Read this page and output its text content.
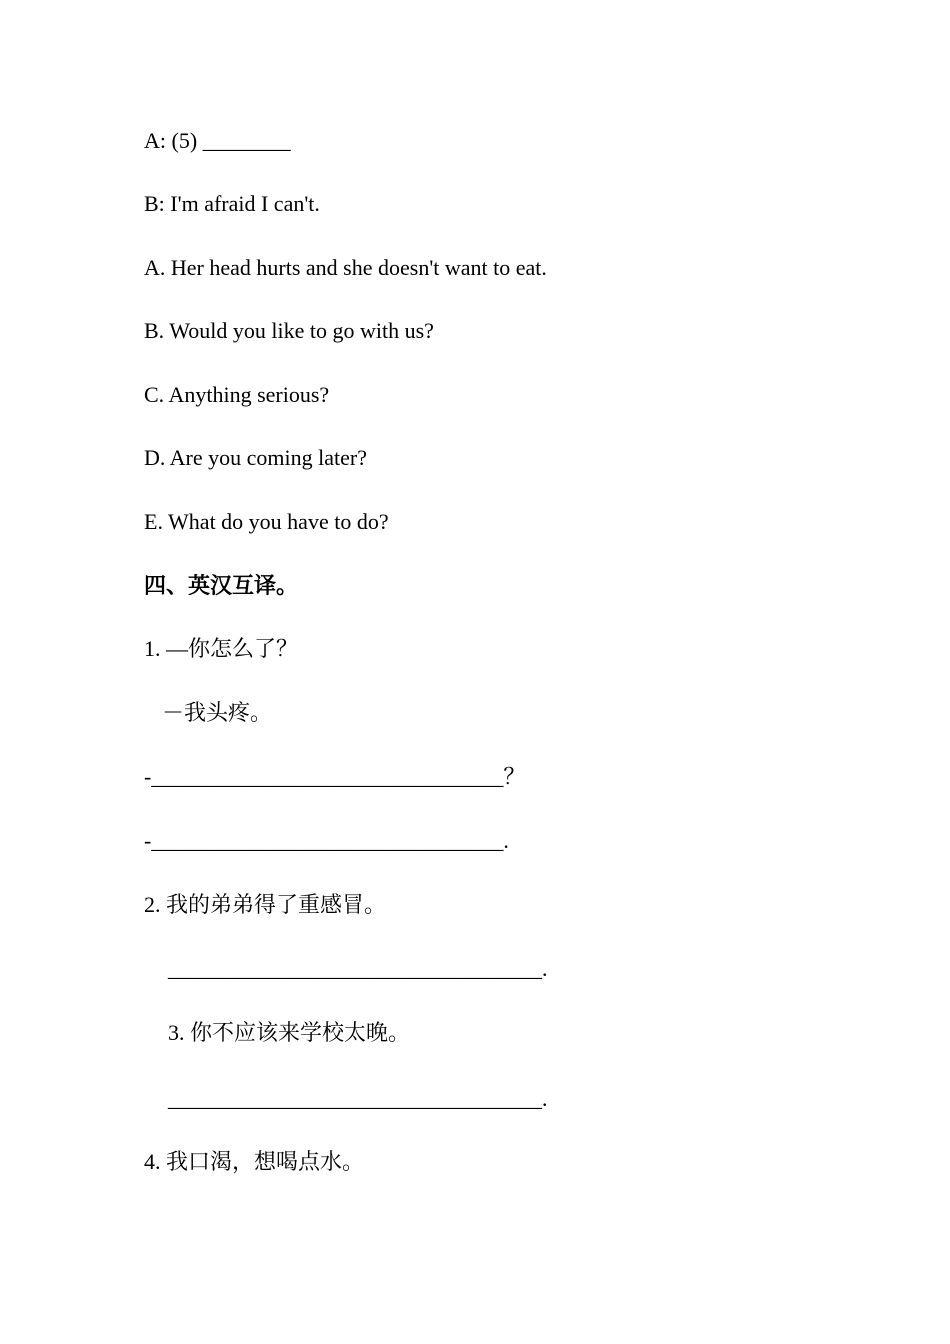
A: (5) ________
B: I'm afraid I can't.
A. Her head hurts and she doesn't want to eat.
B. Would you like to go with us?
C. Anything serious?
D. Are you coming later?
E. What do you have to do?
四、英汉互译。
1. —你怎么了？
－我头疼。
-________________________________？
-________________________________.
2. 我的弟弟得了重感冒。
__________________________________.
3. 你不应该来学校太晚。
__________________________________.
4. 我口渴，想喝点水。
